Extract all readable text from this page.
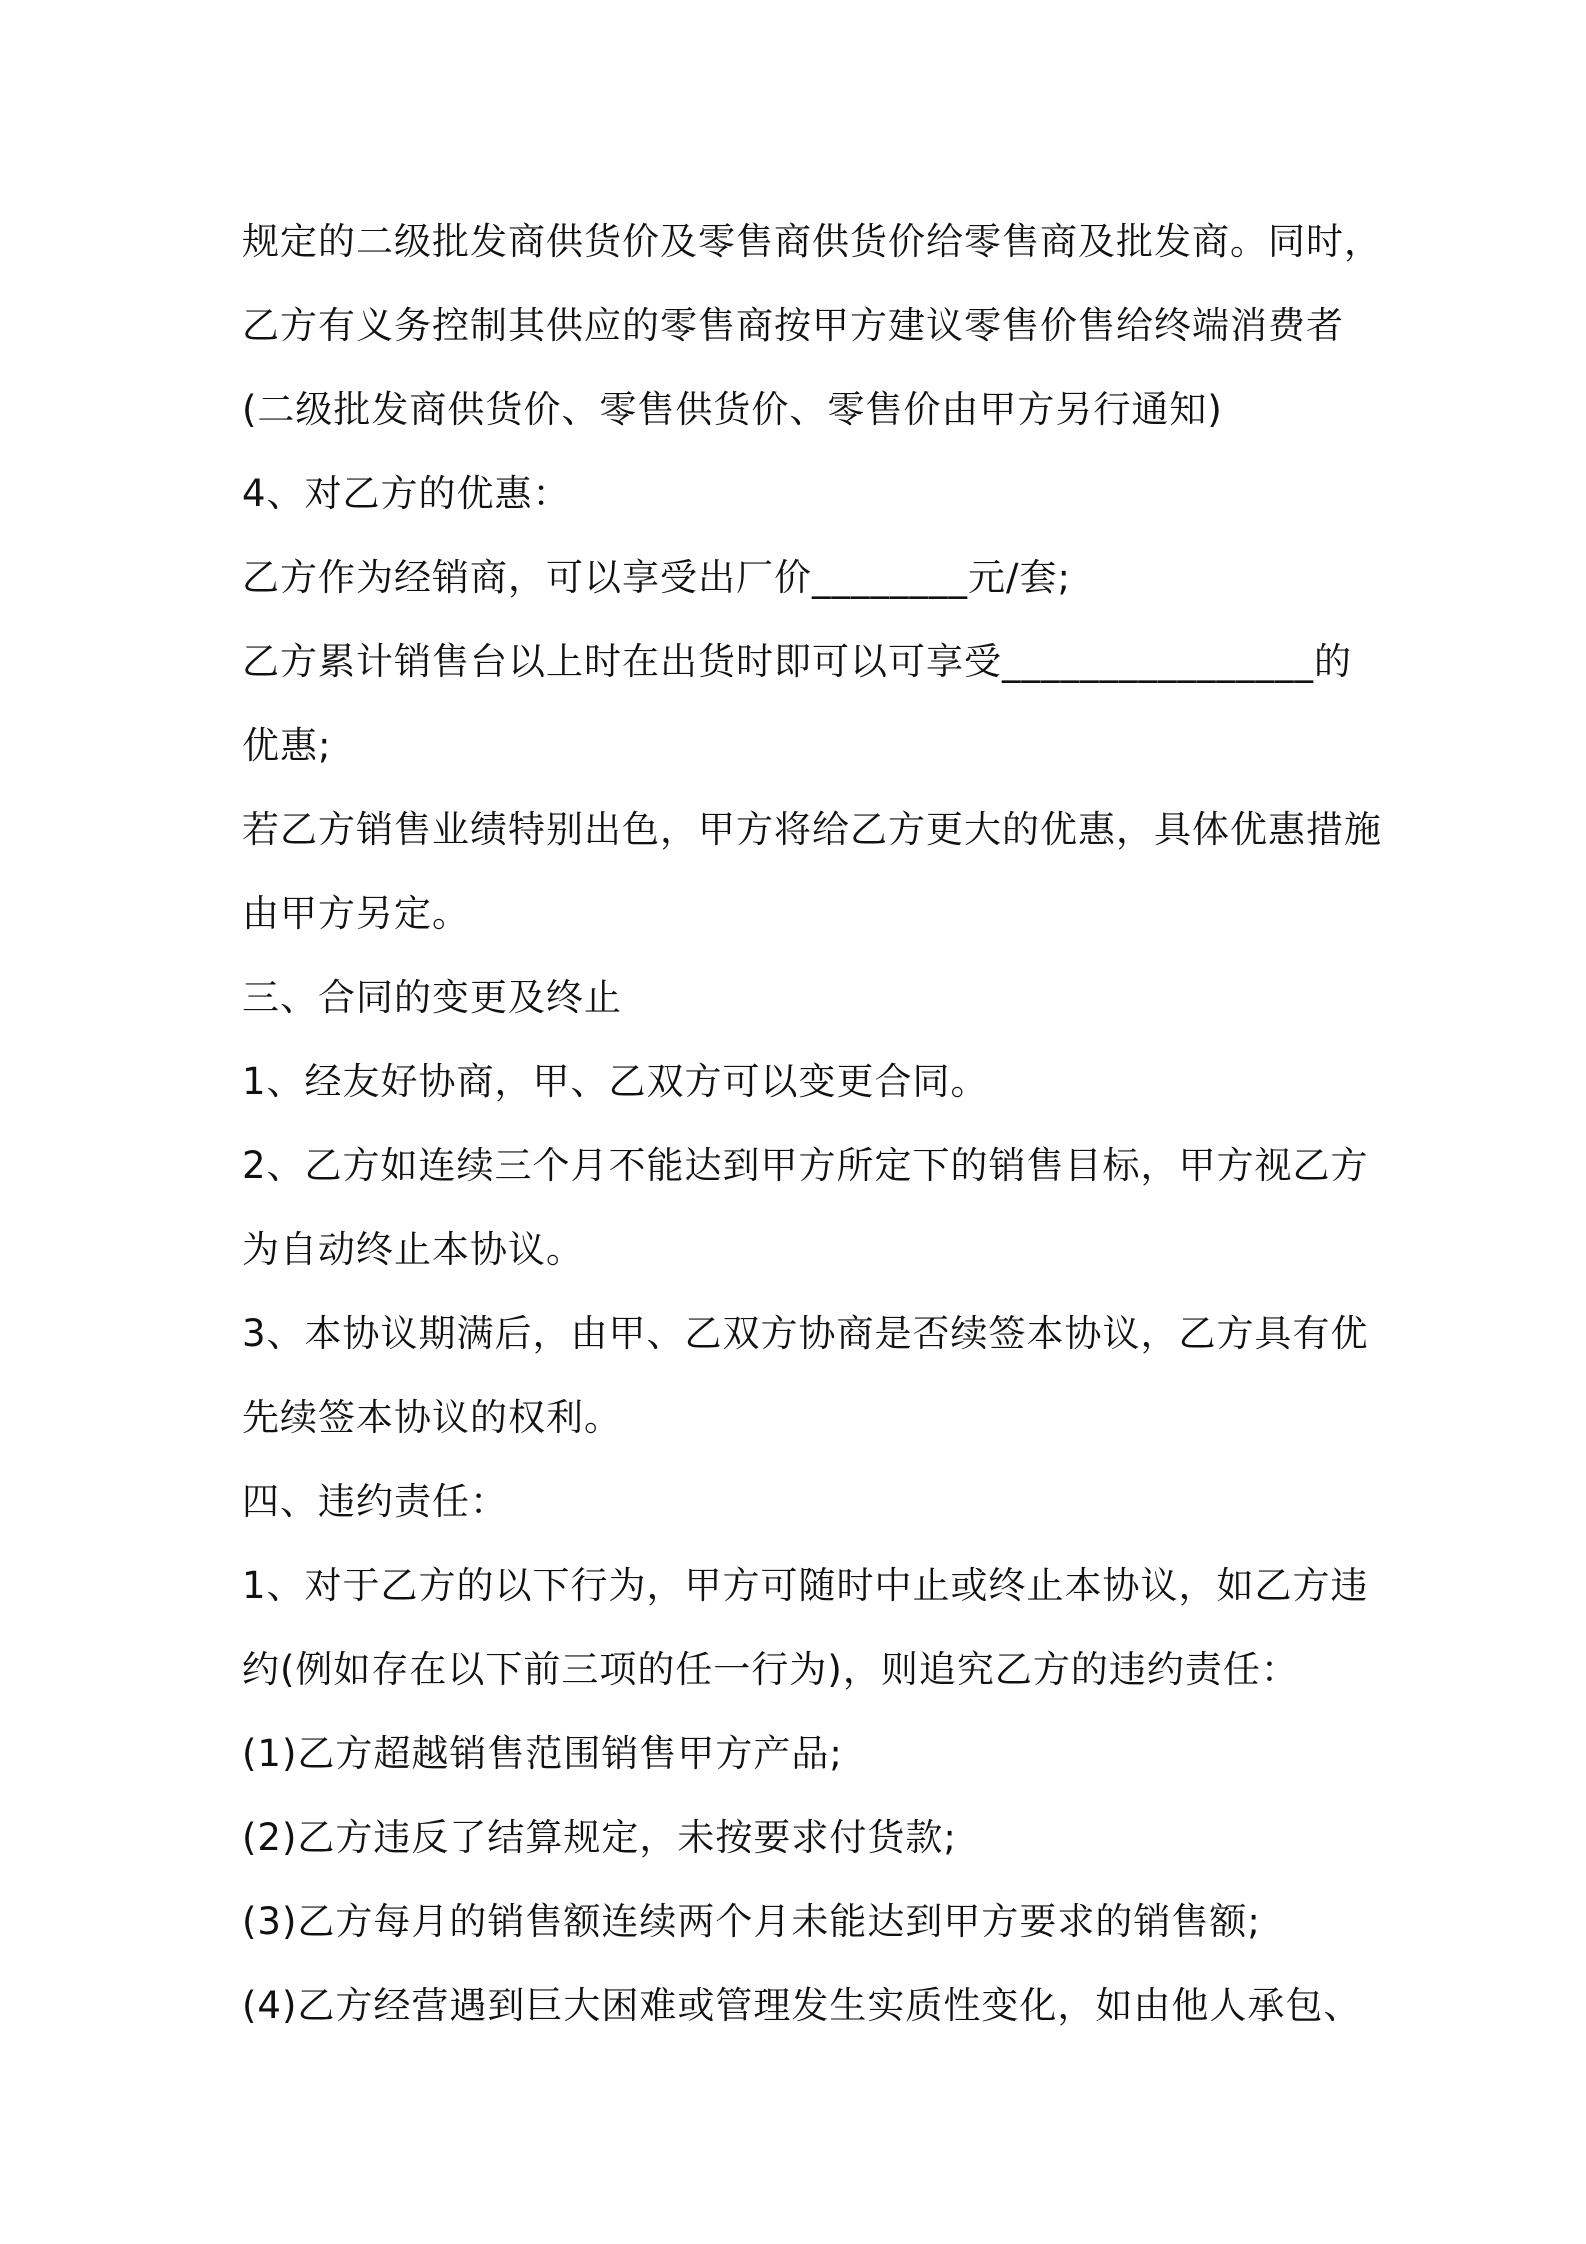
规定的二级批发商供货价及零售商供货价给零售商及批发商。同时，
乙方有义务控制其供应的零售商按甲方建议零售价售给终端消费者
(二级批发商供货价、零售供货价、零售价由甲方另行通知)
4、对乙方的优惠：
乙方作为经销商，可以享受出厂价________元/套;
乙方累计销售台以上时在出货时即可以可享受________________的
优惠;
若乙方销售业绩特别出色，甲方将给乙方更大的优惠，具体优惠措施
由甲方另定。
三、合同的变更及终止
1、经友好协商，甲、乙双方可以变更合同。
2、乙方如连续三个月不能达到甲方所定下的销售目标，甲方视乙方
为自动终止本协议。
3、本协议期满后，由甲、乙双方协商是否续签本协议，乙方具有优
先续签本协议的权利。
四、违约责任：
1、对于乙方的以下行为，甲方可随时中止或终止本协议，如乙方违
约(例如存在以下前三项的任一行为)，则追究乙方的违约责任：
(1)乙方超越销售范围销售甲方产品;
(2)乙方违反了结算规定，未按要求付货款;
(3)乙方每月的销售额连续两个月未能达到甲方要求的销售额;
(4)乙方经营遇到巨大困难或管理发生实质性变化，如由他人承包、
